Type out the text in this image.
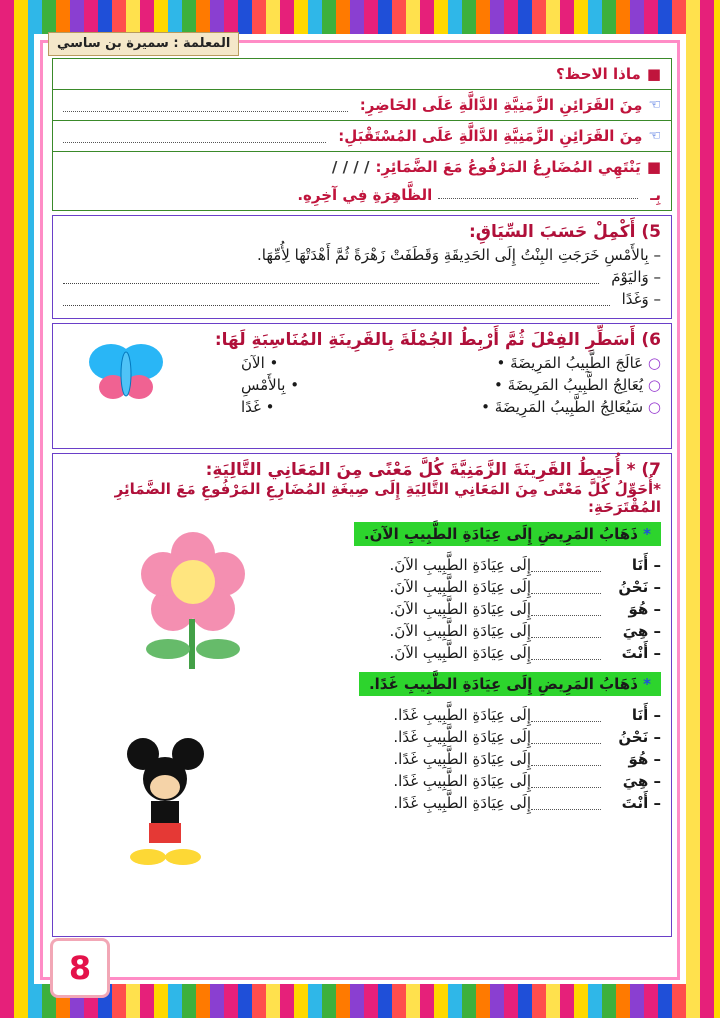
المعلمة : سميرة بن ساسي
■
ماذا الاحظ؟
☜
مِنَ القَرَائِنِ الزَّمَنِيَّةِ الدَّالَّةِ عَلَى الحَاضِرِ:
☜
مِنَ القَرَائِنِ الزَّمَنِيَّةِ الدَّالَّةِ عَلَى المُسْتَقْبَلِ:
■
يَنْتَهِي المُضَارِعُ المَرْفُوعُ مَعَ الضَّمَائِرِ:
/ / / /
بِـ
الظَّاهِرَةِ فِي آخِرِهِ.
5) أَكْمِلْ حَسَبَ السِّيَاقِ:
– بِالأَمْسِ خَرَجَتِ البِنْتُ إِلَى الحَدِيقَةِ وَقَطَفَتْ زَهْرَةً ثُمَّ أَهْدَتْهَا لِأُمِّهَا.
– وَاليَوْمَ
– وَغَدًا
6) أَسَطِّرِ الفِعْلَ ثُمَّ أَرْبِطُ الجُمْلَةَ بِالقَرِينَةِ المُنَاسِبَةِ لَهَا:
○ عَالَجَ الطَّبِيبُ المَرِيضَةَ •
• الآنَ
○ يُعَالِجُ الطَّبِيبُ المَرِيضَةَ •
• بِالأَمْسِ
○ سَيُعَالِجُ الطَّبِيبُ المَرِيضَةَ •
• غَدًا
7) * أُحِيطُ القَرِينَةَ الزَّمَنِيَّةَ كُلَّ مَعْنًى مِنَ المَعَانِي التَّالِيَةِ:
*أُحَوِّلُ كُلَّ مَعْنًى مِنَ المَعَانِي التَّالِيَةِ إِلَى صِيغَةِ المُضَارِعِ المَرْفُوعِ مَعَ الضَّمَائِرِ المُقْتَرَحَةِ:
* ذَهَابُ المَرِيضِ إِلَى عِيَادَةِ الطَّبِيبِ الآنَ.
– أَنَا
إِلَى عِيَادَةِ الطَّبِيبِ الآنَ.
– نَحْنُ
إِلَى عِيَادَةِ الطَّبِيبِ الآنَ.
– هُوَ
إِلَى عِيَادَةِ الطَّبِيبِ الآنَ.
– هِيَ
إِلَى عِيَادَةِ الطَّبِيبِ الآنَ.
– أَنْتَ
إِلَى عِيَادَةِ الطَّبِيبِ الآنَ.
* ذَهَابُ المَرِيضِ إِلَى عِيَادَةِ الطَّبِيبِ غَدًا.
– أَنَا
إِلَى عِيَادَةِ الطَّبِيبِ غَدًا.
– نَحْنُ
إِلَى عِيَادَةِ الطَّبِيبِ غَدًا.
– هُوَ
إِلَى عِيَادَةِ الطَّبِيبِ غَدًا.
– هِيَ
إِلَى عِيَادَةِ الطَّبِيبِ غَدًا.
– أَنْتَ
إِلَى عِيَادَةِ الطَّبِيبِ غَدًا.
8
